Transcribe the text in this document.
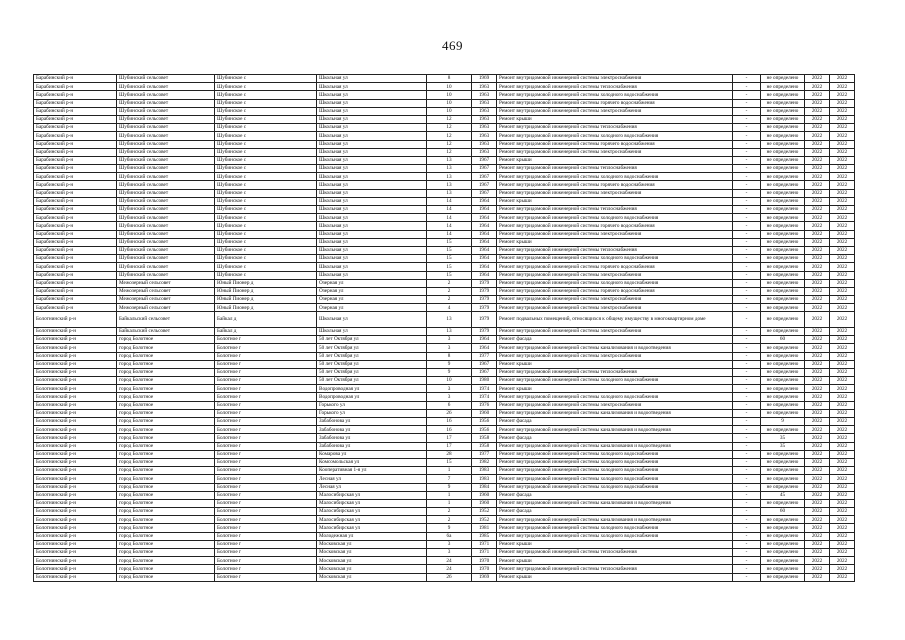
469
Барабинский р-н	Шубинский сельсовет	Шубинское с	Школьная ул	8	1969	Ремонт внутридомовой инженерной системы электроснабжения	-	не определено	2022	2022
Барабинский р-н	Шубинский сельсовет	Шубинское с	Школьная ул	10	1963	Ремонт внутридомовой инженерной системы теплоснабжения	-	не определено	2022	2022
Барабинский р-н	Шубинский сельсовет	Шубинское с	Школьная ул	10	1963	Ремонт внутридомовой инженерной системы холодного водоснабжения	-	не определено	2022	2022
Барабинский р-н	Шубинский сельсовет	Шубинское с	Школьная ул	10	1963	Ремонт внутридомовой инженерной системы горячего водоснабжения	-	не определено	2022	2022
Барабинский р-н	Шубинский сельсовет	Шубинское с	Школьная ул	10	1963	Ремонт внутридомовой инженерной системы электроснабжения	-	не определено	2022	2022
Барабинский р-н	Шубинский сельсовет	Шубинское с	Школьная ул	12	1963	Ремонт крыши	-	не определено	2022	2022
Барабинский р-н	Шубинский сельсовет	Шубинское с	Школьная ул	12	1963	Ремонт внутридомовой инженерной системы теплоснабжения	-	не определено	2022	2022
Барабинский р-н	Шубинский сельсовет	Шубинское с	Школьная ул	12	1963	Ремонт внутридомовой инженерной системы холодного водоснабжения	-	не определено	2022	2022
Барабинский р-н	Шубинский сельсовет	Шубинское с	Школьная ул	12	1963	Ремонт внутридомовой инженерной системы горячего водоснабжения	-	не определено	2022	2022
Барабинский р-н	Шубинский сельсовет	Шубинское с	Школьная ул	12	1963	Ремонт внутридомовой инженерной системы электроснабжения	-	не определено	2022	2022
Барабинский р-н	Шубинский сельсовет	Шубинское с	Школьная ул	13	1967	Ремонт крыши	-	не определено	2022	2022
Барабинский р-н	Шубинский сельсовет	Шубинское с	Школьная ул	13	1967	Ремонт внутридомовой инженерной системы теплоснабжения	-	не определено	2022	2022
Барабинский р-н	Шубинский сельсовет	Шубинское с	Школьная ул	13	1967	Ремонт внутридомовой инженерной системы холодного водоснабжения	-	не определено	2022	2022
Барабинский р-н	Шубинский сельсовет	Шубинское с	Школьная ул	13	1967	Ремонт внутридомовой инженерной системы горячего водоснабжения	-	не определено	2022	2022
Барабинский р-н	Шубинский сельсовет	Шубинское с	Школьная ул	13	1967	Ремонт внутридомовой инженерной системы электроснабжения	-	не определено	2022	2022
Барабинский р-н	Шубинский сельсовет	Шубинское с	Школьная ул	14	1964	Ремонт крыши	-	не определено	2022	2022
Барабинский р-н	Шубинский сельсовет	Шубинское с	Школьная ул	14	1964	Ремонт внутридомовой инженерной системы теплоснабжения	-	не определено	2022	2022
Барабинский р-н	Шубинский сельсовет	Шубинское с	Школьная ул	14	1964	Ремонт внутридомовой инженерной системы холодного водоснабжения	-	не определено	2022	2022
Барабинский р-н	Шубинский сельсовет	Шубинское с	Школьная ул	14	1964	Ремонт внутридомовой инженерной системы горячего водоснабжения	-	не определено	2022	2022
Барабинский р-н	Шубинский сельсовет	Шубинское с	Школьная ул	14	1964	Ремонт внутридомовой инженерной системы электроснабжения	-	не определено	2022	2022
Барабинский р-н	Шубинский сельсовет	Шубинское с	Школьная ул	15	1964	Ремонт крыши	-	не определено	2022	2022
Барабинский р-н	Шубинский сельсовет	Шубинское с	Школьная ул	15	1964	Ремонт внутридомовой инженерной системы теплоснабжения	-	не определено	2022	2022
Барабинский р-н	Шубинский сельсовет	Шубинское с	Школьная ул	15	1964	Ремонт внутридомовой инженерной системы холодного водоснабжения	-	не определено	2022	2022
Барабинский р-н	Шубинский сельсовет	Шубинское с	Школьная ул	15	1964	Ремонт внутридомовой инженерной системы горячего водоснабжения	-	не определено	2022	2022
Барабинский р-н	Шубинский сельсовет	Шубинское с	Школьная ул	15	1964	Ремонт внутридомовой инженерной системы электроснабжения	-	не определено	2022	2022
Барабинский р-н	Межозерный сельсовет	Юный Пионер д	Озерная ул	2	1979	Ремонт внутридомовой инженерной системы холодного водоснабжения	-	не определено	2022	2022
Барабинский р-н	Межозерный сельсовет	Юный Пионер д	Озерная ул	2	1979	Ремонт внутридомовой инженерной системы горячего водоснабжения	-	не определено	2022	2022
Барабинский р-н	Межозерный сельсовет	Юный Пионер д	Озерная ул	2	1979	Ремонт внутридомовой инженерной системы электроснабжения	-	не определено	2022	2022
Барабинский р-н	Межозерный сельсовет	Юный Пионер д	Озерная ул	4	1979	Ремонт внутридомовой инженерной системы электроснабжения	-	не определено	2022	2022
Болотнинский р-н	Байкальский сельсовет	Байкал д	Школьная ул	13	1979	Ремонт подвальных помещений, относящихся к общему имуществу в многоквартирном доме	-	не определено	2022	2022
Болотнинский р-н	Байкальский сельсовет	Байкал д	Школьная ул	13	1979	Ремонт внутридомовой инженерной системы электроснабжения	-	не определено	2022	2022
Болотнинский р-н	город Болотное	Болотное г	50 лет Октября ул	3	1964	Ремонт фасада	-	60	2022	2022
Болотнинский р-н	город Болотное	Болотное г	50 лет Октября ул	3	1964	Ремонт внутридомовой инженерной системы канализования и водоотведения	-	не определено	2022	2022
Болотнинский р-н	город Болотное	Болотное г	50 лет Октября ул	8	1977	Ремонт внутридомовой инженерной системы электроснабжения	-	не определено	2022	2022
Болотнинский р-н	город Болотное	Болотное г	50 лет Октября ул	9	1967	Ремонт крыши	-	не определено	2022	2022
Болотнинский р-н	город Болотное	Болотное г	50 лет Октября ул	9	1967	Ремонт внутридомовой инженерной системы теплоснабжения	-	не определено	2022	2022
Болотнинский р-н	город Болотное	Болотное г	50 лет Октября ул	10	1980	Ремонт внутридомовой инженерной системы холодного водоснабжения	-	не определено	2022	2022
Болотнинский р-н	город Болотное	Болотное г	Водопроводная ул	3	1974	Ремонт крыши	-	не определено	2022	2022
Болотнинский р-н	город Болотное	Болотное г	Водопроводная ул	3	1974	Ремонт внутридомовой инженерной системы холодного водоснабжения	-	не определено	2022	2022
Болотнинский р-н	город Болотное	Болотное г	Горького ул	6	1976	Ремонт внутридомовой инженерной системы электроснабжения	-	не определено	2022	2022
Болотнинский р-н	город Болотное	Болотное г	Горького ул	26	1960	Ремонт внутридомовой инженерной системы канализования и водоотведения	-	не определено	2022	2022
Болотнинский р-н	город Болотное	Болотное г	Забабонова ул	16	1956	Ремонт фасада	-	9	2022	2022
Болотнинский р-н	город Болотное	Болотное г	Забабонова ул	16	1956	Ремонт внутридомовой инженерной системы канализования и водоотведения	-	не определено	2022	2022
Болотнинский р-н	город Болотное	Болотное г	Забабонова ул	17	1958	Ремонт фасада	-	35	2022	2022
Болотнинский р-н	город Болотное	Болотное г	Забабонова ул	17	1958	Ремонт внутридомовой инженерной системы канализования и водоотведения	-	35	2022	2022
Болотнинский р-н	город Болотное	Болотное г	Комарова ул	28	1977	Ремонт внутридомовой инженерной системы холодного водоснабжения	-	не определено	2022	2022
Болотнинский р-н	город Болотное	Болотное г	Комсомольская ул	15	1982	Ремонт внутридомовой инженерной системы холодного водоснабжения	-	не определено	2022	2022
Болотнинский р-н	город Болотное	Болотное г	Кооперативная 1-я ул	1	1983	Ремонт внутридомовой инженерной системы холодного водоснабжения	-	не определено	2022	2022
Болотнинский р-н	город Болотное	Болотное г	Лесная ул	7	1983	Ремонт внутридомовой инженерной системы холодного водоснабжения	-	не определено	2022	2022
Болотнинский р-н	город Болотное	Болотное г	Лесная ул	9	1984	Ремонт внутридомовой инженерной системы холодного водоснабжения	-	не определено	2022	2022
Болотнинский р-н	город Болотное	Болотное г	Малосибирская ул	1	1960	Ремонт фасада	-	45	2022	2022
Болотнинский р-н	город Болотное	Болотное г	Малосибирская ул	1	1960	Ремонт внутридомовой инженерной системы канализования и водоотведения	-	не определено	2022	2022
Болотнинский р-н	город Болотное	Болотное г	Малосибирская ул	2	1952	Ремонт фасада	-	60	2022	2022
Болотнинский р-н	город Болотное	Болотное г	Малосибирская ул	2	1952	Ремонт внутридомовой инженерной системы канализования и водоотведения	-	не определено	2022	2022
Болотнинский р-н	город Болотное	Болотное г	Малосибирская ул	9	1981	Ремонт внутридомовой инженерной системы холодного водоснабжения	-	не определено	2022	2022
Болотнинский р-н	город Болотное	Болотное г	Молодежная ул	6а	1985	Ремонт внутридомовой инженерной системы холодного водоснабжения	-	не определено	2022	2022
Болотнинский р-н	город Болотное	Болотное г	Московская ул	3	1971	Ремонт крыши	-	не определено	2022	2022
Болотнинский р-н	город Болотное	Болотное г	Московская ул	3	1971	Ремонт внутридомовой инженерной системы теплоснабжения	-	не определено	2022	2022
Болотнинский р-н	город Болотное	Болотное г	Московская ул	24	1970	Ремонт крыши	-	не определено	2022	2022
Болотнинский р-н	город Болотное	Болотное г	Московская ул	24	1970	Ремонт внутридомовой инженерной системы теплоснабжения	-	не определено	2022	2022
Болотнинский р-н	город Болотное	Болотное г	Московская ул	26	1969	Ремонт крыши	-	не определено	2022	2022
